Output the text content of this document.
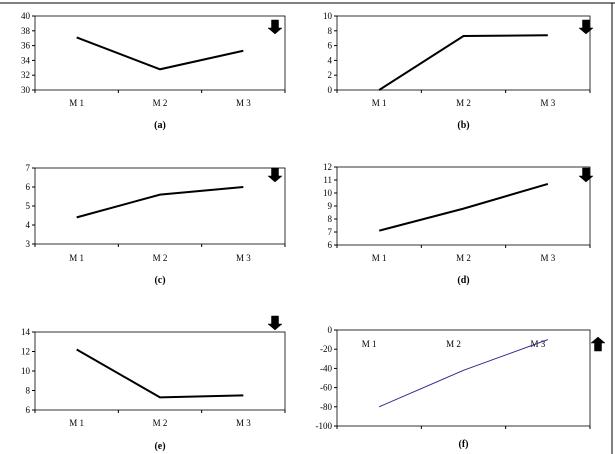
30
32
34
36
38
40
M 1	M 2	M 3
(a)
0
2
4
6
8
10
M 1	M 2	M 3
(b)
3
4
5
6
7
M 1	M 2	M 3
(c)
6
7
8
9
10
11
12
M 1	M 2	M 3
(d)
6
8
10
12
14
M 1	M 2	M 3
(e)
0
-20
-40
-60
-80
-100
M 1	M 2	M 3
(f)
